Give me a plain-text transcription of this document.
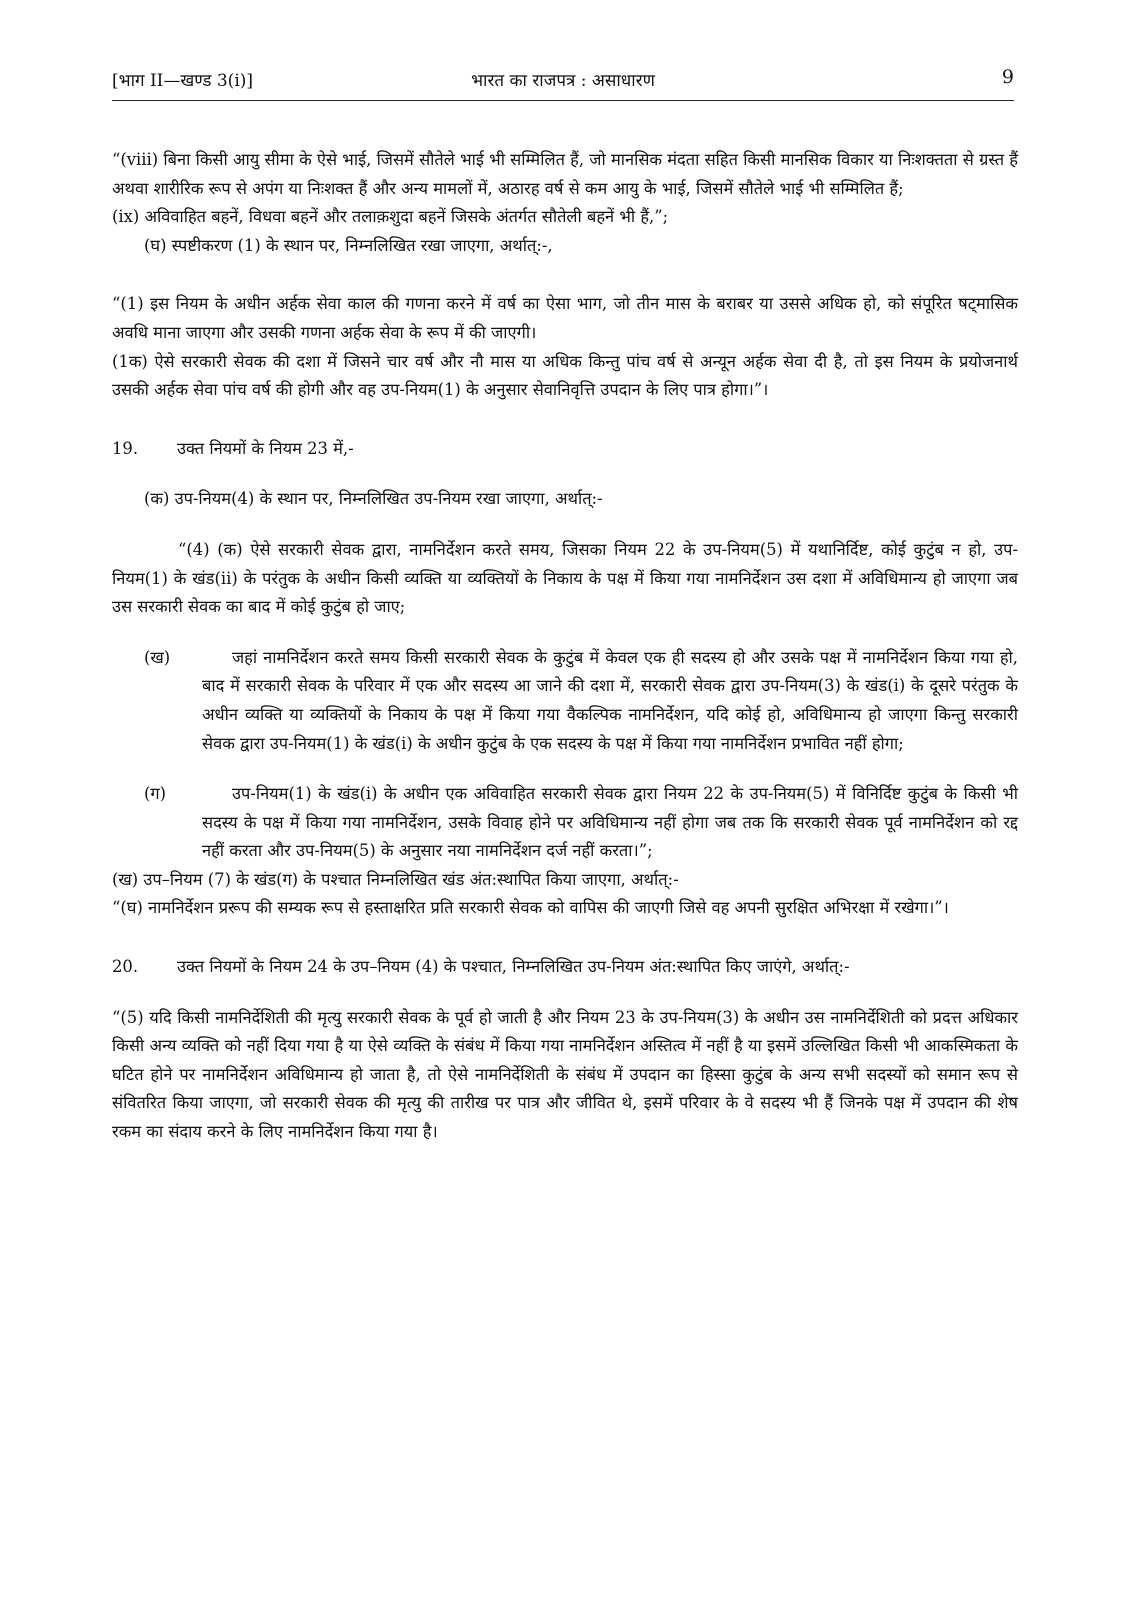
[भाग II—खण्ड 3(i)]	भारत का राजपत्र : असाधारण	9

“(viii) बिना किसी आयु सीमा के ऐसे भाई, जिसमें सौतेले भाई भी सम्मिलित हैं, जो मानसिक मंदता सहित किसी मानसिक विकार या निःशक्तता से ग्रस्त हैं अथवा शारीरिक रूप से अपंग या निःशक्त हैं और अन्य मामलों में, अठारह वर्ष से कम आयु के भाई, जिसमें सौतेले भाई भी सम्मिलित हैं;

(ix) अविवाहित बहनें, विधवा बहनें और तलाक़शुदा बहनें जिसके अंतर्गत सौतेली बहनें भी हैं,”;

(घ) स्पष्टीकरण (1) के स्थान पर, निम्नलिखित रखा जाएगा, अर्थात्:-,

“(1) इस नियम के अधीन अर्हक सेवा काल की गणना करने में वर्ष का ऐसा भाग, जो तीन मास के बराबर या उससे अधिक हो, को संपूरित षट्मासिक अवधि माना जाएगा और उसकी गणना अर्हक सेवा के रूप में की जाएगी।

(1क) ऐसे सरकारी सेवक की दशा में जिसने चार वर्ष और नौ मास या अधिक किन्तु पांच वर्ष से अन्यून अर्हक सेवा दी है, तो इस नियम के प्रयोजनार्थ उसकी अर्हक सेवा पांच वर्ष की होगी और वह उप-नियम(1) के अनुसार सेवानिवृत्ति उपदान के लिए पात्र होगा।”।

19. उक्त नियमों के नियम 23 में,-

(क) उप-नियम(4) के स्थान पर, निम्नलिखित उप-नियम रखा जाएगा, अर्थात्:-

“(4) (क) ऐसे सरकारी सेवक द्वारा, नामनिर्देशन करते समय, जिसका नियम 22 के उप-नियम(5) में यथानिर्दिष्ट, कोई कुटुंब न हो, उप-नियम(1) के खंड(ii) के परंतुक के अधीन किसी व्यक्ति या व्यक्तियों के निकाय के पक्ष में किया गया नामनिर्देशन उस दशा में अविधिमान्य हो जाएगा जब उस सरकारी सेवक का बाद में कोई कुटुंब हो जाए;

(ख)	जहां नामनिर्देशन करते समय किसी सरकारी सेवक के कुटुंब में केवल एक ही सदस्य हो और उसके पक्ष में नामनिर्देशन किया गया हो, बाद में सरकारी सेवक के परिवार में एक और सदस्य आ जाने की दशा में, सरकारी सेवक द्वारा उप-नियम(3) के खंड(i) के दूसरे परंतुक के अधीन व्यक्ति या व्यक्तियों के निकाय के पक्ष में किया गया वैकल्पिक नामनिर्देशन, यदि कोई हो, अविधिमान्य हो जाएगा किन्तु सरकारी सेवक द्वारा उप-नियम(1) के खंड(i) के अधीन कुटुंब के एक सदस्य के पक्ष में किया गया नामनिर्देशन प्रभावित नहीं होगा;

(ग)	उप-नियम(1) के खंड(i) के अधीन एक अविवाहित सरकारी सेवक द्वारा नियम 22 के उप-नियम(5) में विनिर्दिष्ट कुटुंब के किसी भी सदस्य के पक्ष में किया गया नामनिर्देशन, उसके विवाह होने पर अविधिमान्य नहीं होगा जब तक कि सरकारी सेवक पूर्व नामनिर्देशन को रद्द नहीं करता और उप-नियम(5) के अनुसार नया नामनिर्देशन दर्ज नहीं करता।”;

(ख) उप–नियम (7) के खंड(ग) के पश्चात निम्नलिखित खंड अंत:स्थापित किया जाएगा, अर्थात्:-

“(घ) नामनिर्देशन प्ररूप की सम्यक रूप से हस्ताक्षरित प्रति सरकारी सेवक को वापिस की जाएगी जिसे वह अपनी सुरक्षित अभिरक्षा में रखेगा।”।

20. उक्त नियमों के नियम 24 के उप–नियम (4) के पश्चात, निम्नलिखित उप-नियम अंत:स्थापित किए जाएंगे, अर्थात्:-

“(5) यदि किसी नामनिर्देशिती की मृत्यु सरकारी सेवक के पूर्व हो जाती है और नियम 23 के उप-नियम(3) के अधीन उस नामनिर्देशिती को प्रदत्त अधिकार किसी अन्य व्यक्ति को नहीं दिया गया है या ऐसे व्यक्ति के संबंध में किया गया नामनिर्देशन अस्तित्व में नहीं है या इसमें उल्लिखित किसी भी आकस्मिकता के घटित होने पर नामनिर्देशन अविधिमान्य हो जाता है, तो ऐसे नामनिर्देशिती के संबंध में उपदान का हिस्सा कुटुंब के अन्य सभी सदस्यों को समान रूप से संवितरित किया जाएगा, जो सरकारी सेवक की मृत्यु की तारीख पर पात्र और जीवित थे, इसमें परिवार के वे सदस्य भी हैं जिनके पक्ष में उपदान की शेष रकम का संदाय करने के लिए नामनिर्देशन किया गया है।
